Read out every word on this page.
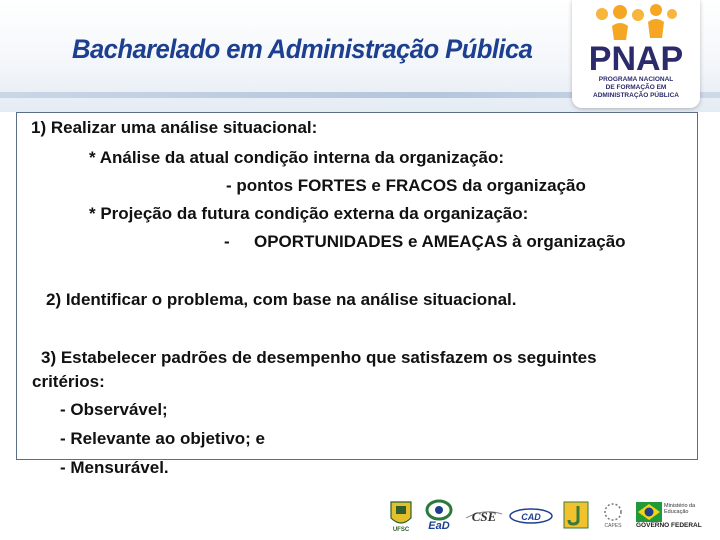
Bacharelado em Administração Pública PNAP
PROGRAMA NACIONAL
DE FORMAÇÃO EM
ADMINISTRAÇÃO PÚBLICA
1) Realizar uma análise situacional:
* Análise da atual condição interna da organização:
- pontos FORTES e FRACOS da organização
* Projeção da futura condição externa da organização:
- OPORTUNIDADES e AMEAÇAS à organização
2) Identificar o problema, com base na análise situacional.
3) Estabelecer padrões de desempenho que satisfazem os seguintes
critérios:
- Observável;
- Relevante ao objetivo; e
- Mensurável.
UFSC EaD
CSE	CAD
CAPES
Ministério da Educação
GOVERNO FEDERAL
